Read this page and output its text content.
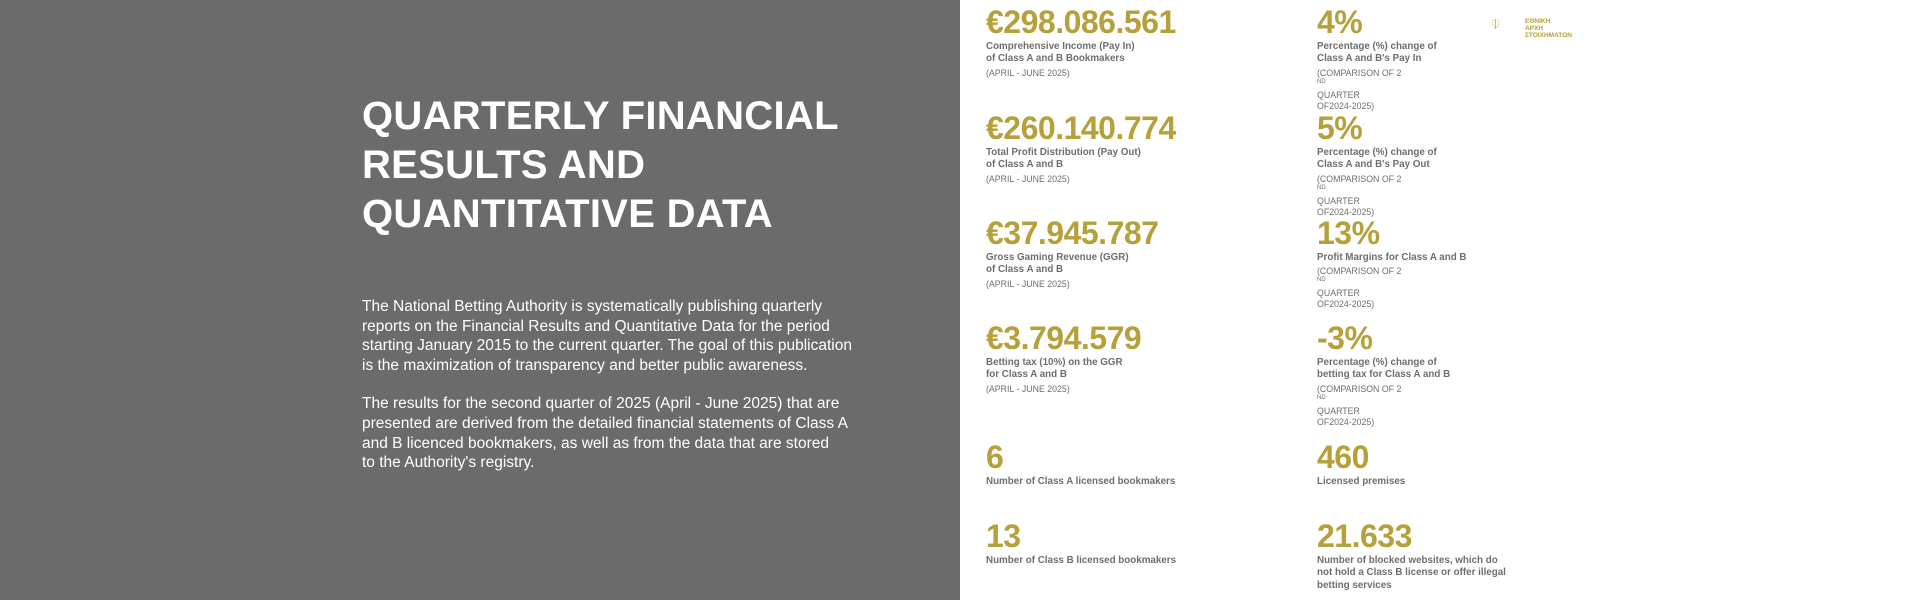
QUARTERLY FINANCIAL
RESULTS AND
QUANTITATIVE DATA

The National Betting Authority is systematically publishing quarterly
reports on the Financial Results and Quantitative Data for the period
starting January 2015 to the current quarter. The goal of this publication
is the maximization of transparency and better public awareness.

The results for the second quarter of 2025 (April - June 2025) that are
presented are derived from the detailed financial statements of Class A
and B licenced bookmakers, as well as from the data that are stored
to the Authority's registry.

ΕΘΝΙΚΗ
ΑΡΧΗ
ΣΤΟΙΧΗΜΑΤΩΝ
€298.086.561
Comprehensive Income (Pay In)
of Class A and B Bookmakers
(APRIL - JUNE 2025)
4%
Percentage (%) change of
Class A and B's Pay In
(COMPARISON OF 2
$^{ND}$
QUARTER
OF2024-2025)
€260.140.774
Total Profit Distribution (Pay Out)
of Class A and B
(APRIL - JUNE 2025)
5%
Percentage (%) change of
Class A and B's Pay Out
(COMPARISON OF 2
$^{ND}$
QUARTER
OF2024-2025)
€37.945.787
Gross Gaming Revenue (GGR)
of Class A and B
(APRIL - JUNE 2025)
13%
Profit Margins for Class A and B
(COMPARISON OF 2
$^{ND}$
QUARTER
OF2024-2025)
€3.794.579
Betting tax (10%) on the GGR
for Class A and B
(APRIL - JUNE 2025)
-3%
Percentage (%) change of
betting tax for Class A and B
(COMPARISON OF 2
$^{ND}$
QUARTER
OF2024-2025)
6
Number of Class A licensed bookmakers
460
Licensed premises
13
Number of Class B licensed bookmakers
21.633
Number of blocked websites, which do
not hold a Class B license or offer illegal
betting services
